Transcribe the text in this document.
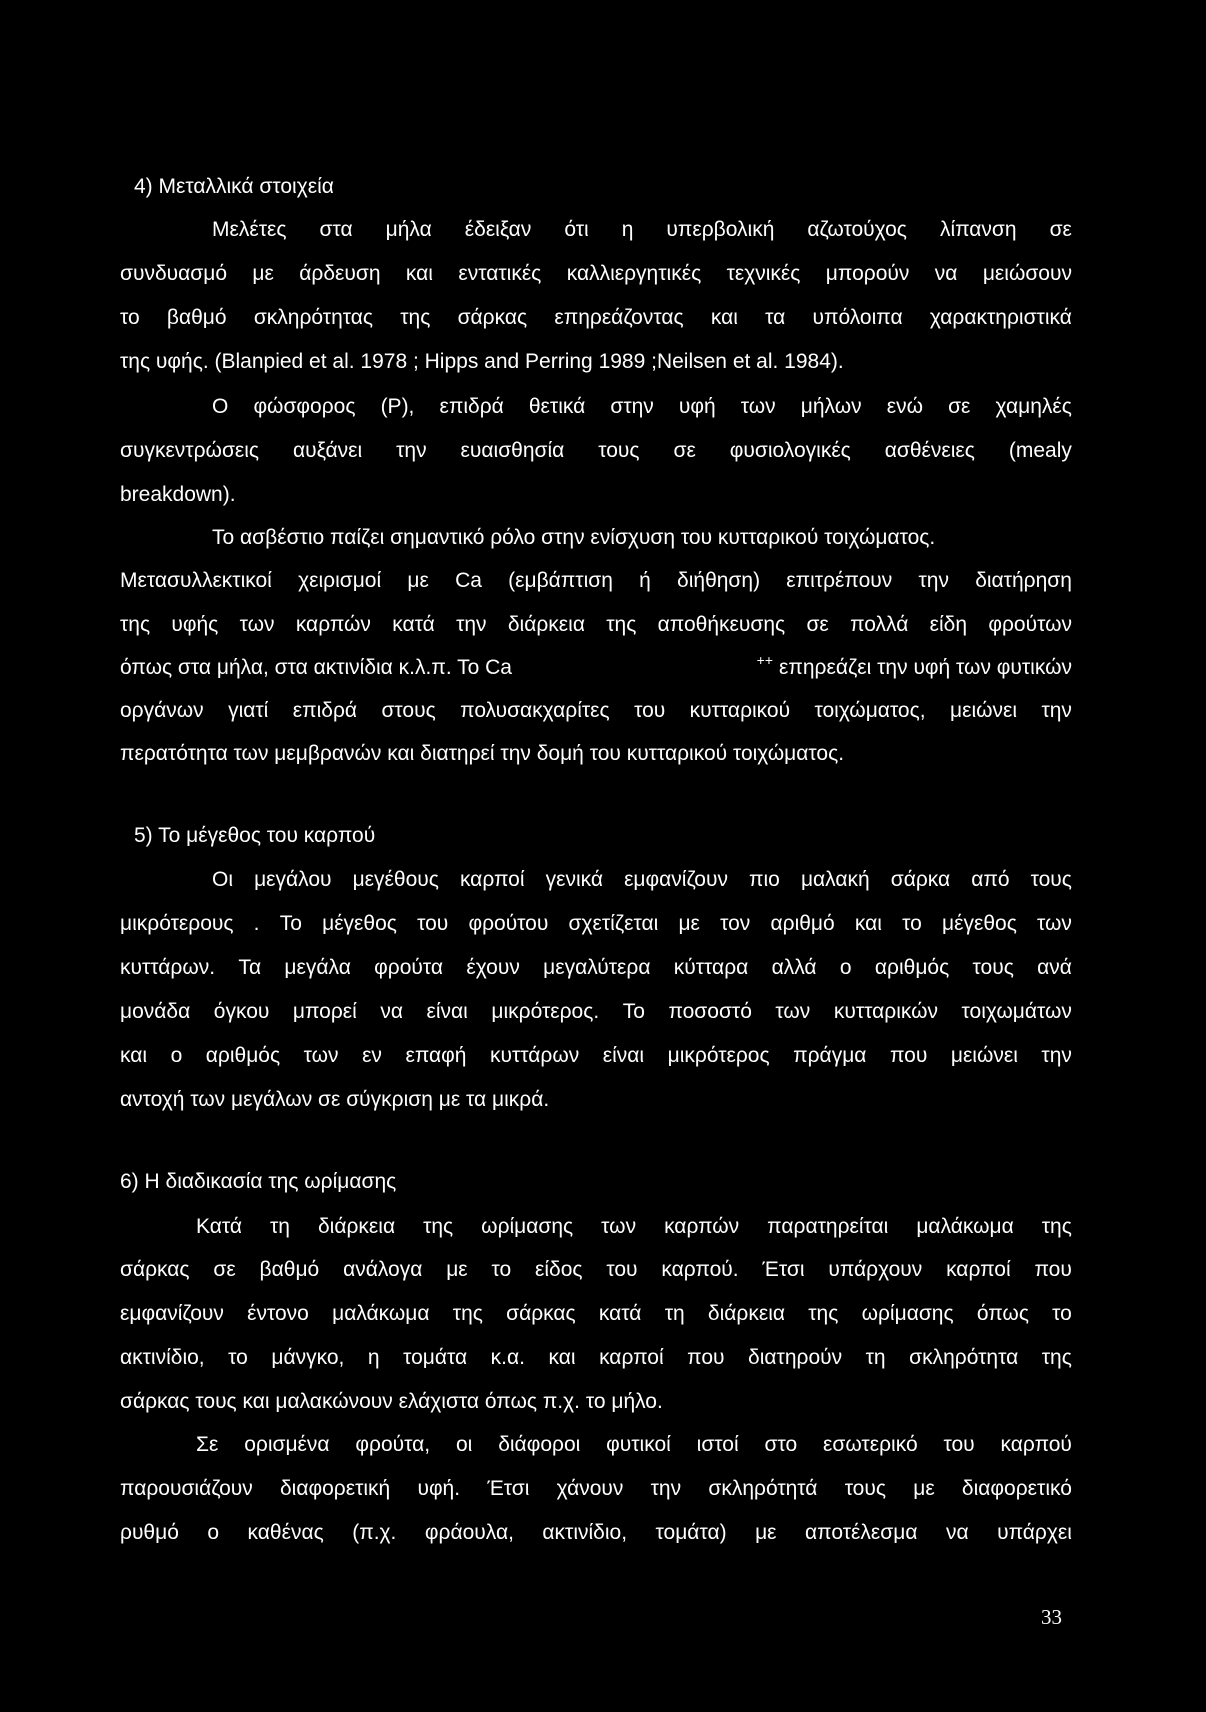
4) Μεταλλικά στοιχεία
Μελέτες στα μήλα έδειξαν ότι η υπερβολική αζωτούχος λίπανση σε
συνδυασμό με άρδευση και εντατικές καλλιεργητικές τεχνικές μπορούν να μειώσουν
το βαθμό σκληρότητας της σάρκας επηρεάζοντας και τα υπόλοιπα χαρακτηριστικά
της υφής. (Blanpied et al. 1978 ; Hipps and Perring 1989 ;Neilsen et al. 1984).
Ο φώσφορος (Ρ), επιδρά θετικά στην υφή των μήλων ενώ σε χαμηλές
συγκεντρώσεις αυξάνει την ευαισθησία τους σε φυσιολογικές ασθένειες (mealy
breakdown).
Το ασβέστιο παίζει σημαντικό ρόλο στην ενίσχυση του κυτταρικού τοιχώματος.
Μετασυλλεκτικοί χειρισμοί με Ca (εμβάπτιση ή διήθηση) επιτρέπουν την διατήρηση
της υφής των καρπών κατά την διάρκεια της αποθήκευσης σε πολλά είδη φρούτων
όπως στα μήλα, στα ακτινίδια κ.λ.π. Το Ca	++ επηρεάζει την υφή των φυτικών
οργάνων γιατί επιδρά στους πολυσακχαρίτες του κυτταρικού τοιχώματος, μειώνει την
περατότητα των μεμβρανών και διατηρεί την δομή του κυτταρικού τοιχώματος.
5) Το μέγεθος του καρπού
Οι μεγάλου μεγέθους καρποί γενικά εμφανίζουν πιο μαλακή σάρκα από τους
μικρότερους . Το μέγεθος του φρούτου σχετίζεται με τον αριθμό και το μέγεθος των
κυττάρων. Τα μεγάλα φρούτα έχουν μεγαλύτερα κύτταρα αλλά ο αριθμός τους ανά
μονάδα όγκου μπορεί να είναι μικρότερος. Το ποσοστό των κυτταρικών τοιχωμάτων
και ο αριθμός των εν επαφή κυττάρων είναι μικρότερος πράγμα που μειώνει την
αντοχή των μεγάλων σε σύγκριση με τα μικρά.
6) Η διαδικασία της ωρίμασης
Κατά τη διάρκεια της ωρίμασης των καρπών παρατηρείται μαλάκωμα της
σάρκας σε βαθμό ανάλογα με το είδος του καρπού. Έτσι υπάρχουν καρποί που
εμφανίζουν έντονο μαλάκωμα της σάρκας κατά τη διάρκεια της ωρίμασης όπως το
ακτινίδιο, το μάνγκο, η τομάτα κ.α. και καρποί που διατηρούν τη σκληρότητα της
σάρκας τους και μαλακώνουν ελάχιστα όπως π.χ. το μήλο.
Σε ορισμένα φρούτα, οι διάφοροι φυτικοί ιστοί στο εσωτερικό του καρπού
παρουσιάζουν διαφορετική υφή. Έτσι χάνουν την σκληρότητά τους με διαφορετικό
ρυθμό ο καθένας (π.χ. φράουλα, ακτινίδιο, τομάτα) με αποτέλεσμα να υπάρχει
33
